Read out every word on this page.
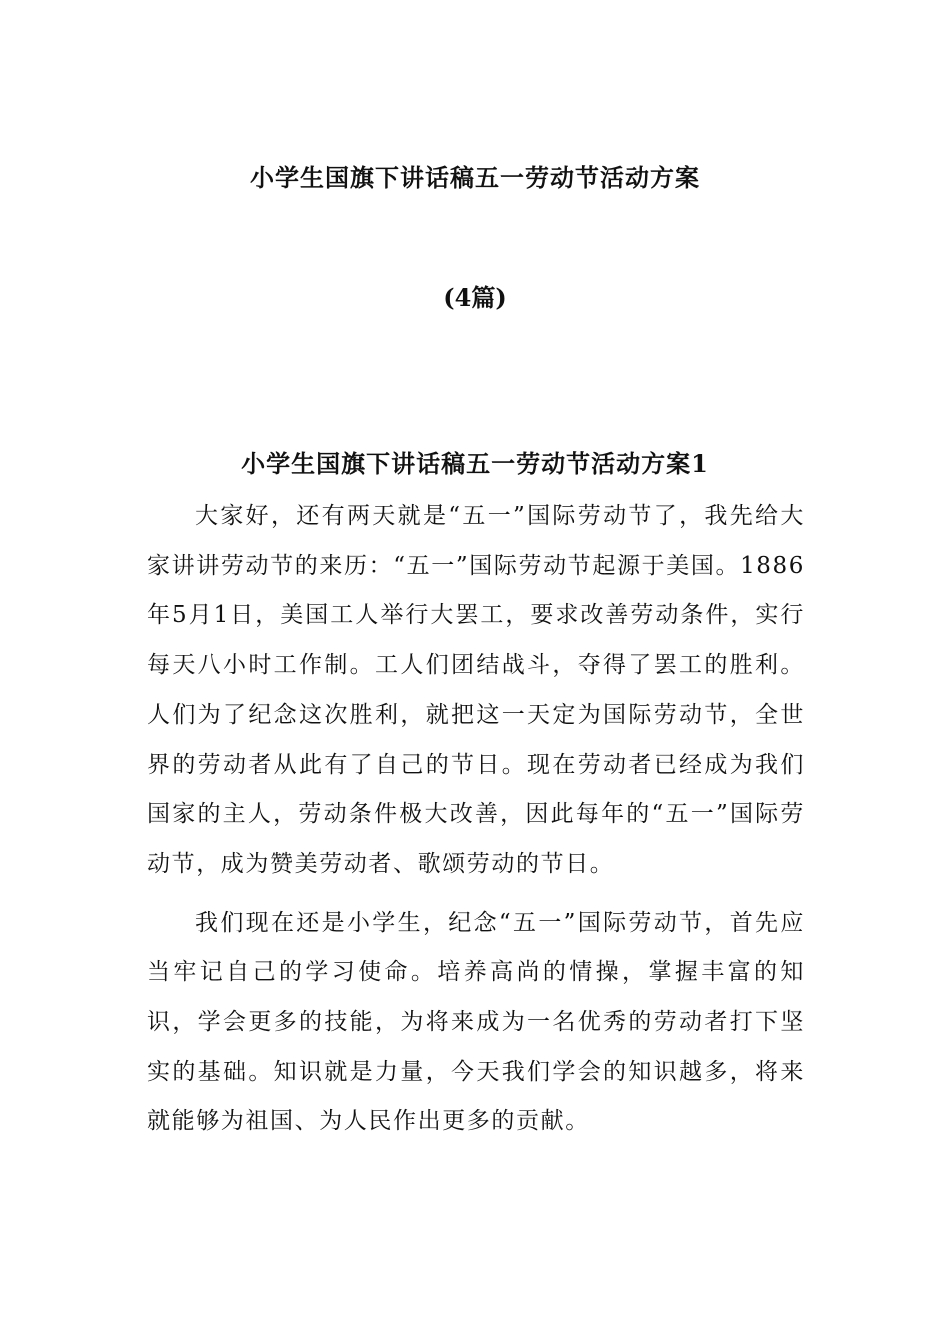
小学生国旗下讲话稿五一劳动节活动方案
(4篇)
小学生国旗下讲话稿五一劳动节活动方案1

大家好，还有两天就是“五一”国际劳动节了，我先给大家讲讲劳动节的来历：“五一”国际劳动节起源于美国。1886年5月1日，美国工人举行大罢工，要求改善劳动条件，实行每天八小时工作制。工人们团结战斗，夺得了罢工的胜利。人们为了纪念这次胜利，就把这一天定为国际劳动节，全世界的劳动者从此有了自己的节日。现在劳动者已经成为我们国家的主人，劳动条件极大改善，因此每年的“五一”国际劳动节，成为赞美劳动者、歌颂劳动的节日。

我们现在还是小学生，纪念“五一”国际劳动节，首先应当牢记自己的学习使命。培养高尚的情操，掌握丰富的知识，学会更多的技能，为将来成为一名优秀的劳动者打下坚实的基础。知识就是力量，今天我们学会的知识越多，将来就能够为祖国、为人民作出更多的贡献。
